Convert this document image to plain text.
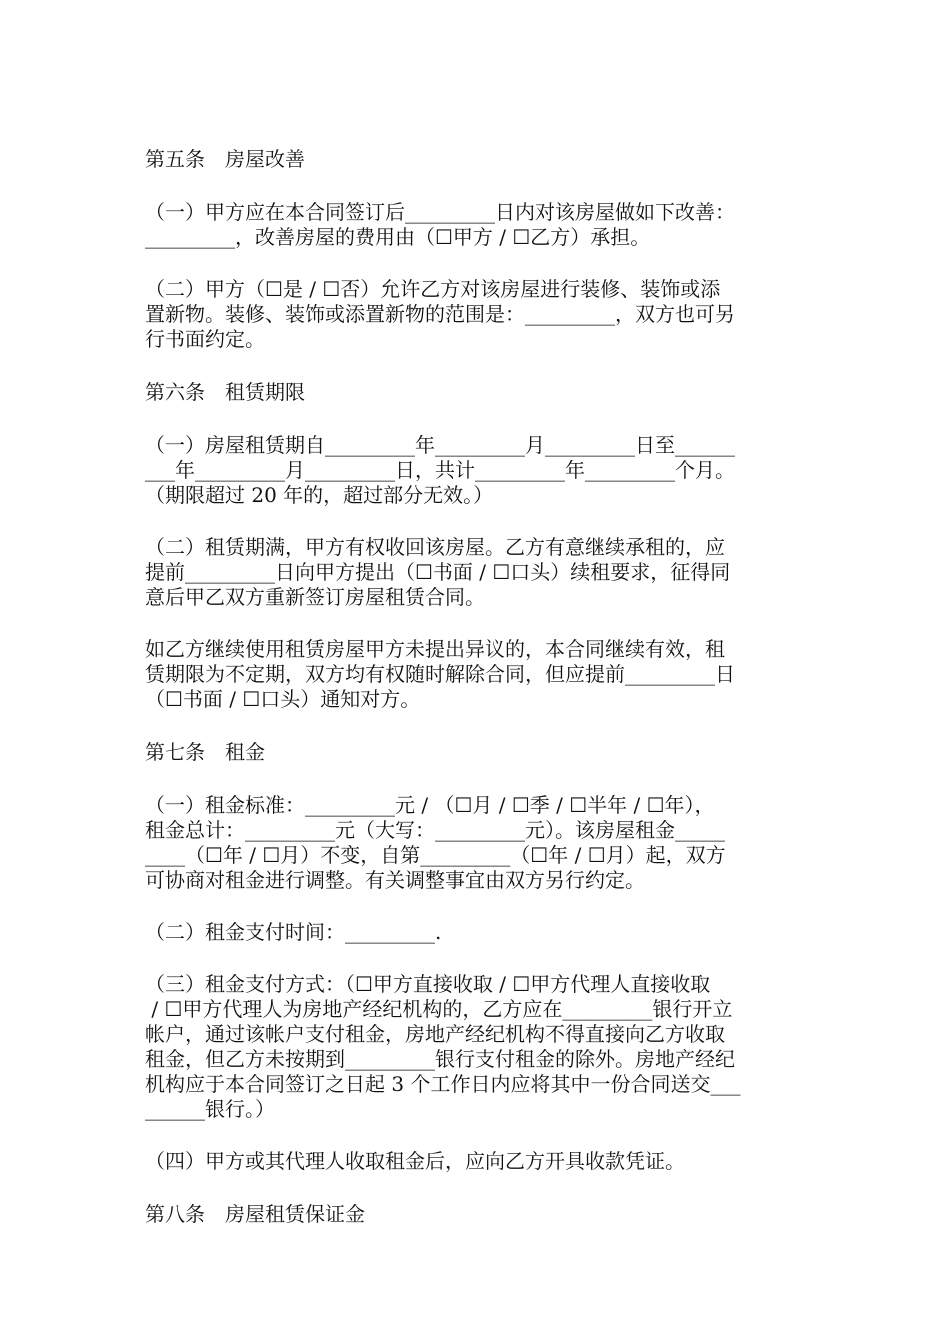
第五条　房屋改善
（一）甲方应在本合同签订后_________日内对该房屋做如下改善：
_________，改善房屋的费用由（☐甲方 / ☐乙方）承担。
（二）甲方（☐是 / ☐否）允许乙方对该房屋进行装修、装饰或添
置新物。装修、装饰或添置新物的范围是：_________，双方也可另
行书面约定。
第六条　租赁期限
（一）房屋租赁期自_________年_________月_________日至______
___年_________月_________日，共计_________年_________个月。
（期限超过 20 年的，超过部分无效。）
（二）租赁期满，甲方有权收回该房屋。乙方有意继续承租的，应
提前_________日向甲方提出（☐书面 / ☐口头）续租要求，征得同
意后甲乙双方重新签订房屋租赁合同。
如乙方继续使用租赁房屋甲方未提出异议的，本合同继续有效，租
赁期限为不定期，双方均有权随时解除合同，但应提前_________日
（☐书面 / ☐口头）通知对方。
第七条　租金
（一）租金标准：_________元 / （☐月 / ☐季 / ☐半年 / ☐年），
租金总计：_________元（大写：_________元）。该房屋租金_____
____（☐年 / ☐月）不变，自第_________（☐年 / ☐月）起，双方
可协商对租金进行调整。有关调整事宜由双方另行约定。
（二）租金支付时间：_________.
（三）租金支付方式：（☐甲方直接收取 / ☐甲方代理人直接收取
/ ☐甲方代理人为房地产经纪机构的，乙方应在_________银行开立
帐户，通过该帐户支付租金，房地产经纪机构不得直接向乙方收取
租金，但乙方未按期到_________银行支付租金的除外。房地产经纪
机构应于本合同签订之日起 3 个工作日内应将其中一份合同送交___
______银行。）
（四）甲方或其代理人收取租金后，应向乙方开具收款凭证。
第八条　房屋租赁保证金
